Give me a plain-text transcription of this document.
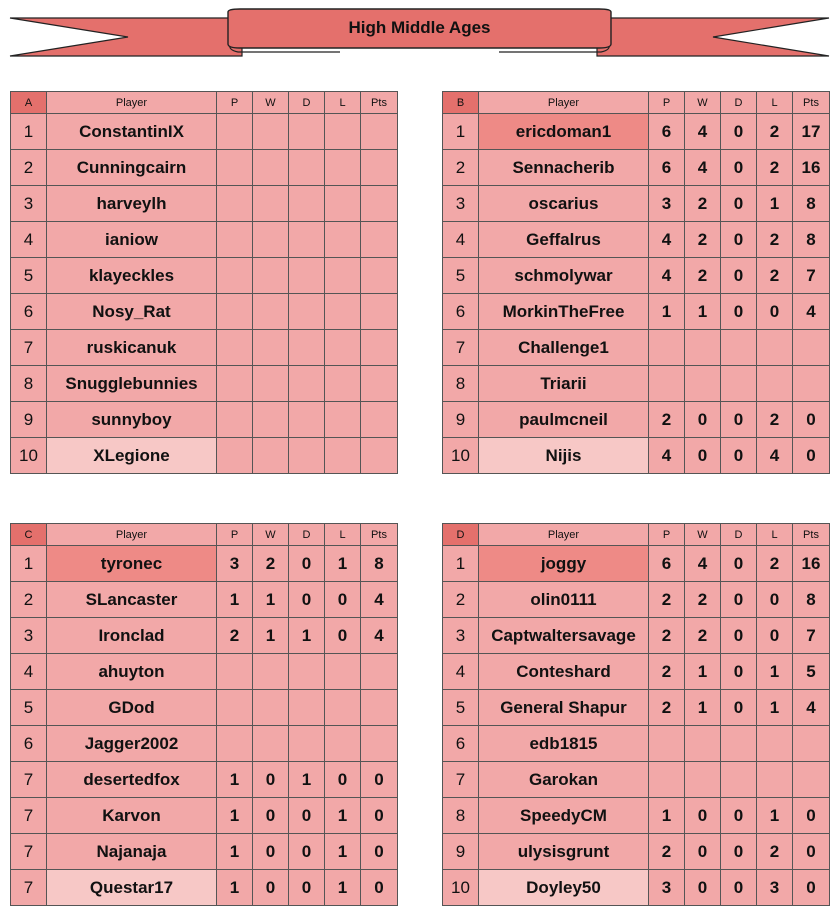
High Middle Ages
A	Player	P	W	D	L	Pts
1	ConstantinIX					
2	Cunningcairn					
3	harveylh					
4	ianiow					
5	klayeckles					
6	Nosy_Rat					
7	ruskicanuk					
8	Snugglebunnies					
9	sunnyboy					
10	XLegione					
B	Player	P	W	D	L	Pts
1	ericdoman1	6	4	0	2	17
2	Sennacherib	6	4	0	2	16
3	oscarius	3	2	0	1	8
4	Geffalrus	4	2	0	2	8
5	schmolywar	4	2	0	2	7
6	MorkinTheFree	1	1	0	0	4
7	Challenge1					
8	Triarii					
9	paulmcneil	2	0	0	2	0
10	Nijis	4	0	0	4	0
C	Player	P	W	D	L	Pts
1	tyronec	3	2	0	1	8
2	SLancaster	1	1	0	0	4
3	Ironclad	2	1	1	0	4
4	ahuyton					
5	GDod					
6	Jagger2002					
7	desertedfox	1	0	1	0	0
7	Karvon	1	0	0	1	0
7	Najanaja	1	0	0	1	0
7	Questar17	1	0	0	1	0
D	Player	P	W	D	L	Pts
1	joggy	6	4	0	2	16
2	olin0111	2	2	0	0	8
3	Captwaltersavage	2	2	0	0	7
4	Conteshard	2	1	0	1	5
5	General Shapur	2	1	0	1	4
6	edb1815					
7	Garokan					
8	SpeedyCM	1	0	0	1	0
9	ulysisgrunt	2	0	0	2	0
10	Doyley50	3	0	0	3	0
